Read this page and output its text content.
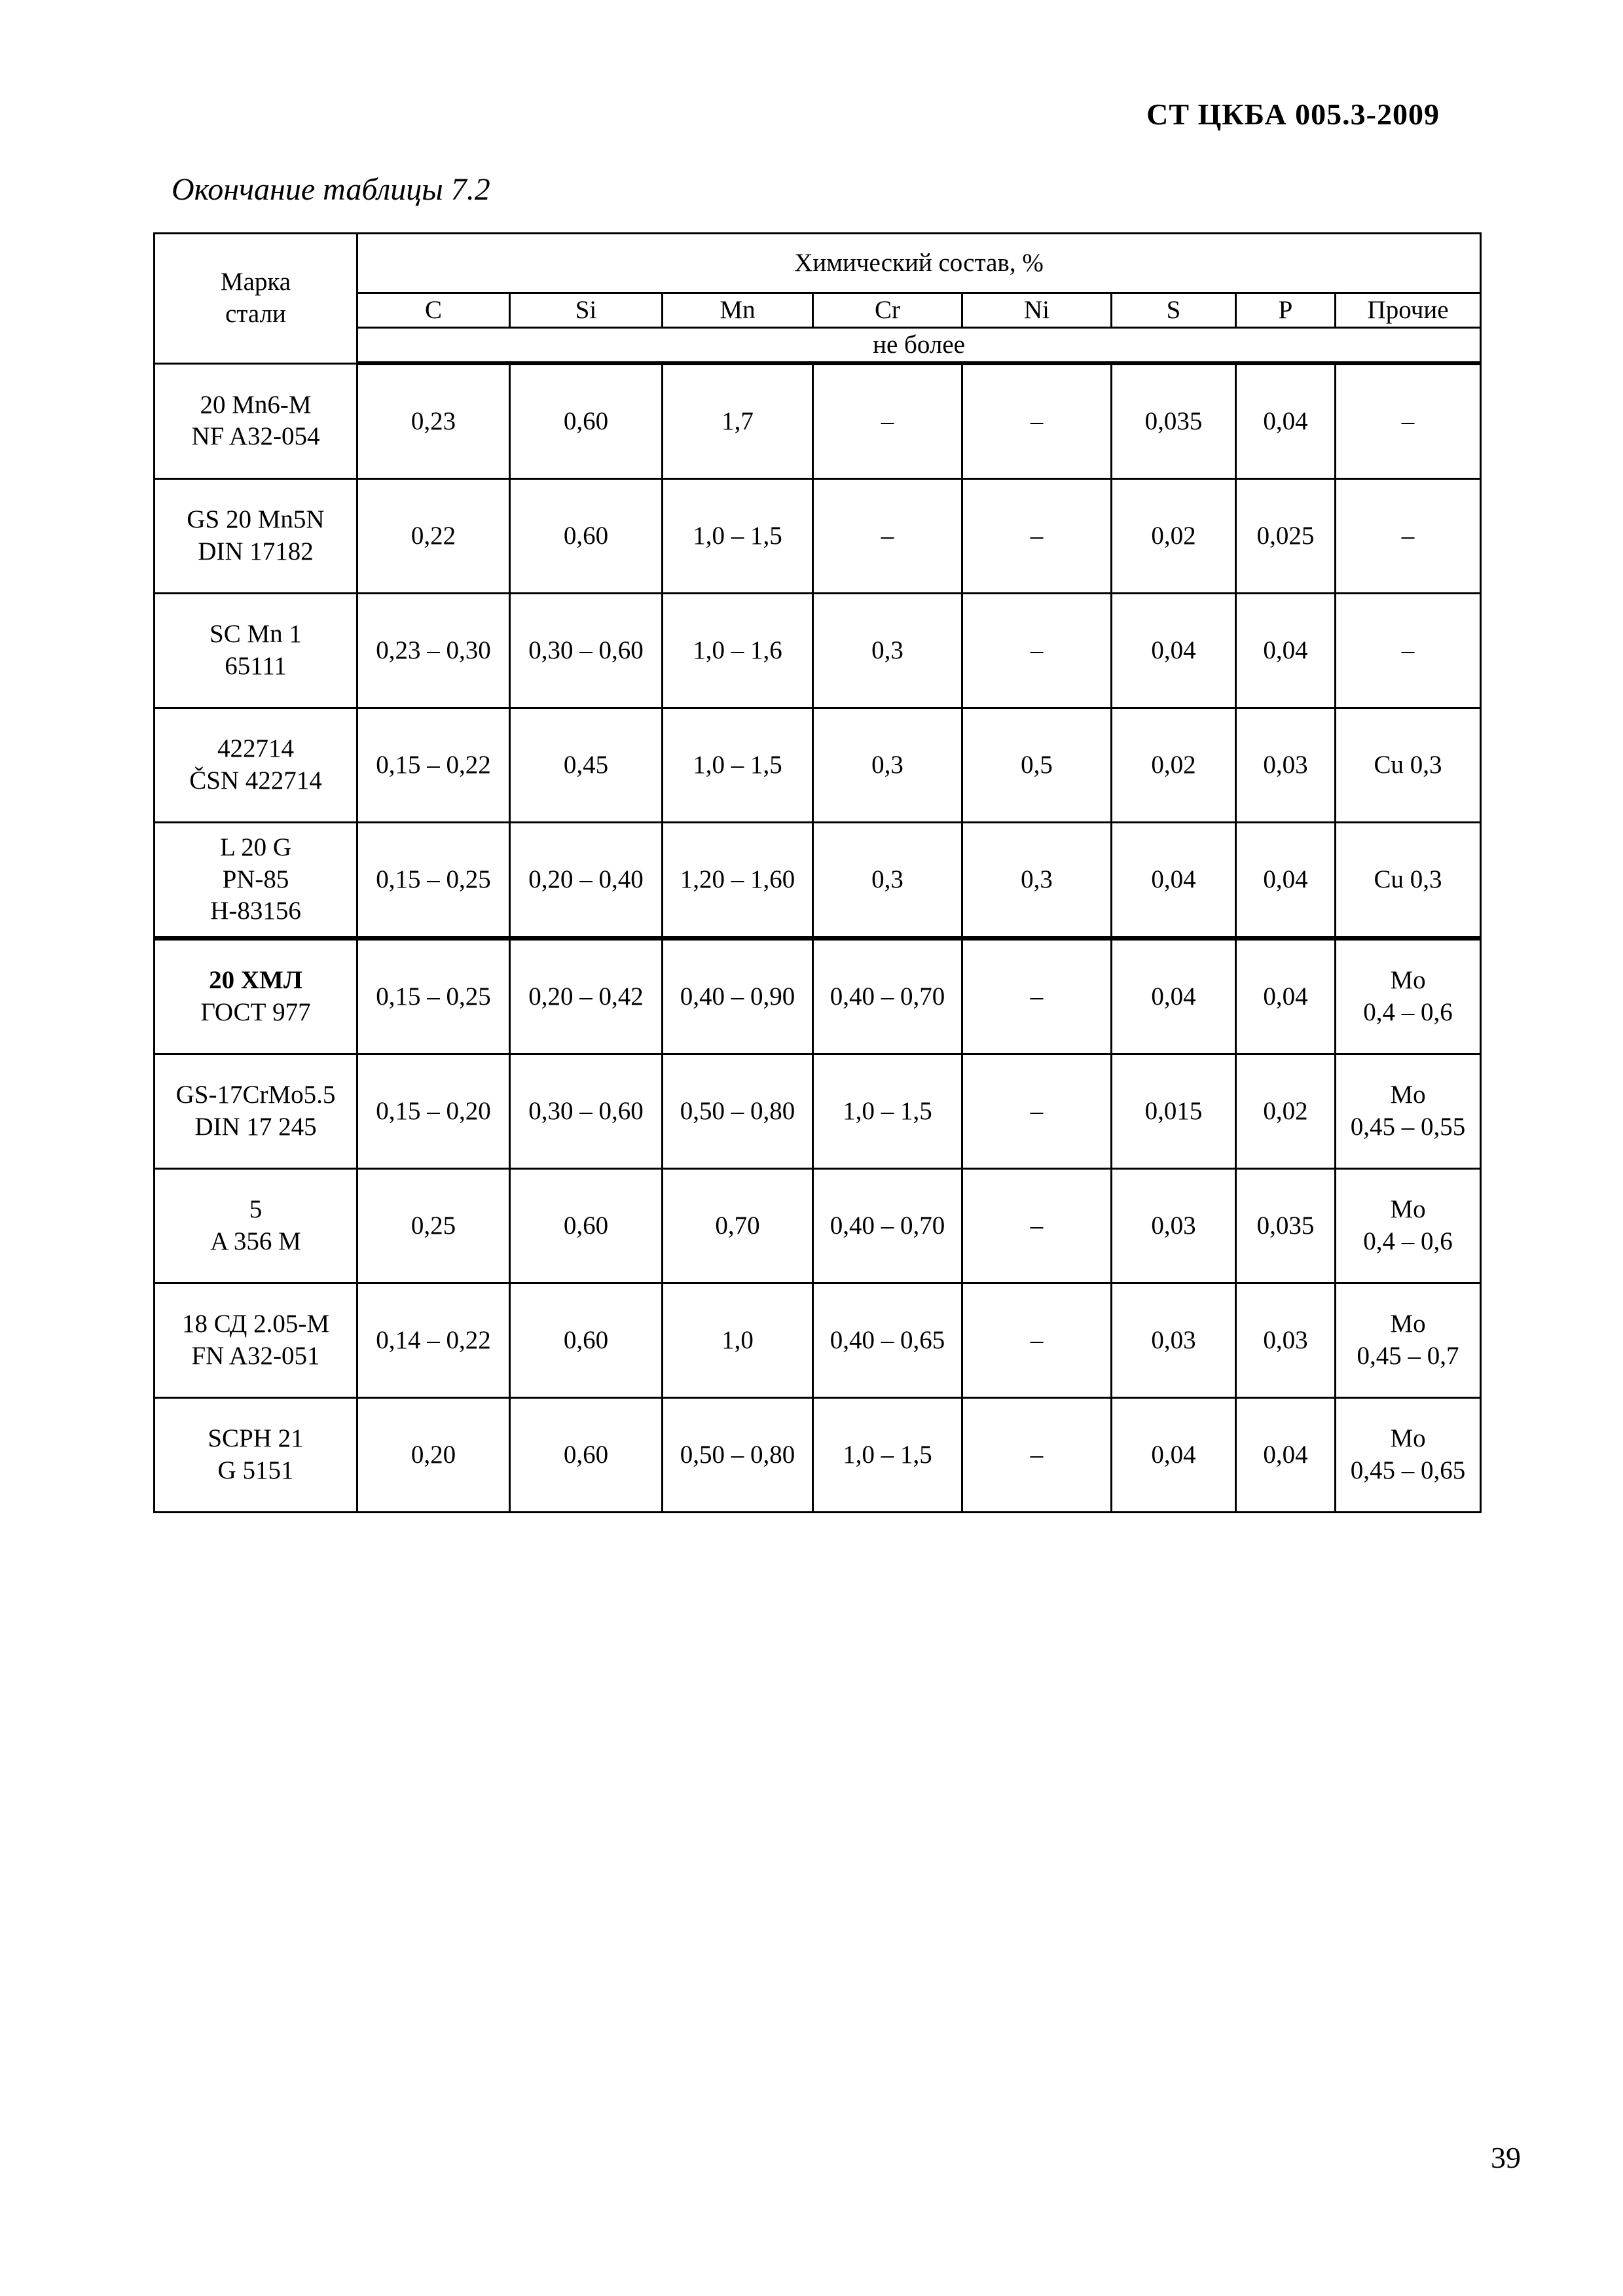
СТ ЦКБА 005.3-2009
Окончание таблицы 7.2
Марка
стали	Химический состав, %							
	C	Si	Mn	Cr	Ni	S	P	Прочие
	не более							

20 Mn6-M
NF A32-054	0,23	0,60	1,7	–	–	0,035	0,04	–

GS 20 Mn5N
DIN 17182	0,22	0,60	1,0 – 1,5	–	–	0,02	0,025	–

SC Mn 1
65111	0,23 – 0,30	0,30 – 0,60	1,0 – 1,6	0,3	–	0,04	0,04	–

422714
ČSN 422714	0,15 – 0,22	0,45	1,0 – 1,5	0,3	0,5	0,02	0,03	Cu 0,3

L 20 G
PN-85
H-83156	0,15 – 0,25	0,20 – 0,40	1,20 – 1,60	0,3	0,3	0,04	0,04	Cu 0,3

20 ХМЛ
ГОСТ 977	0,15 – 0,25	0,20 – 0,42	0,40 – 0,90	0,40 – 0,70	–	0,04	0,04	Mo
0,4 – 0,6

GS-17CrMo5.5
DIN 17 245	0,15 – 0,20	0,30 – 0,60	0,50 – 0,80	1,0 – 1,5	–	0,015	0,02	Mo
0,45 – 0,55

5
A 356 M	0,25	0,60	0,70	0,40 – 0,70	–	0,03	0,035	Mo
0,4 – 0,6

18 СД 2.05-M
FN A32-051	0,14 – 0,22	0,60	1,0	0,40 – 0,65	–	0,03	0,03	Mo
0,45 – 0,7

SCPH 21
G 5151	0,20	0,60	0,50 – 0,80	1,0 – 1,5	–	0,04	0,04	Mo
0,45 – 0,65
39
